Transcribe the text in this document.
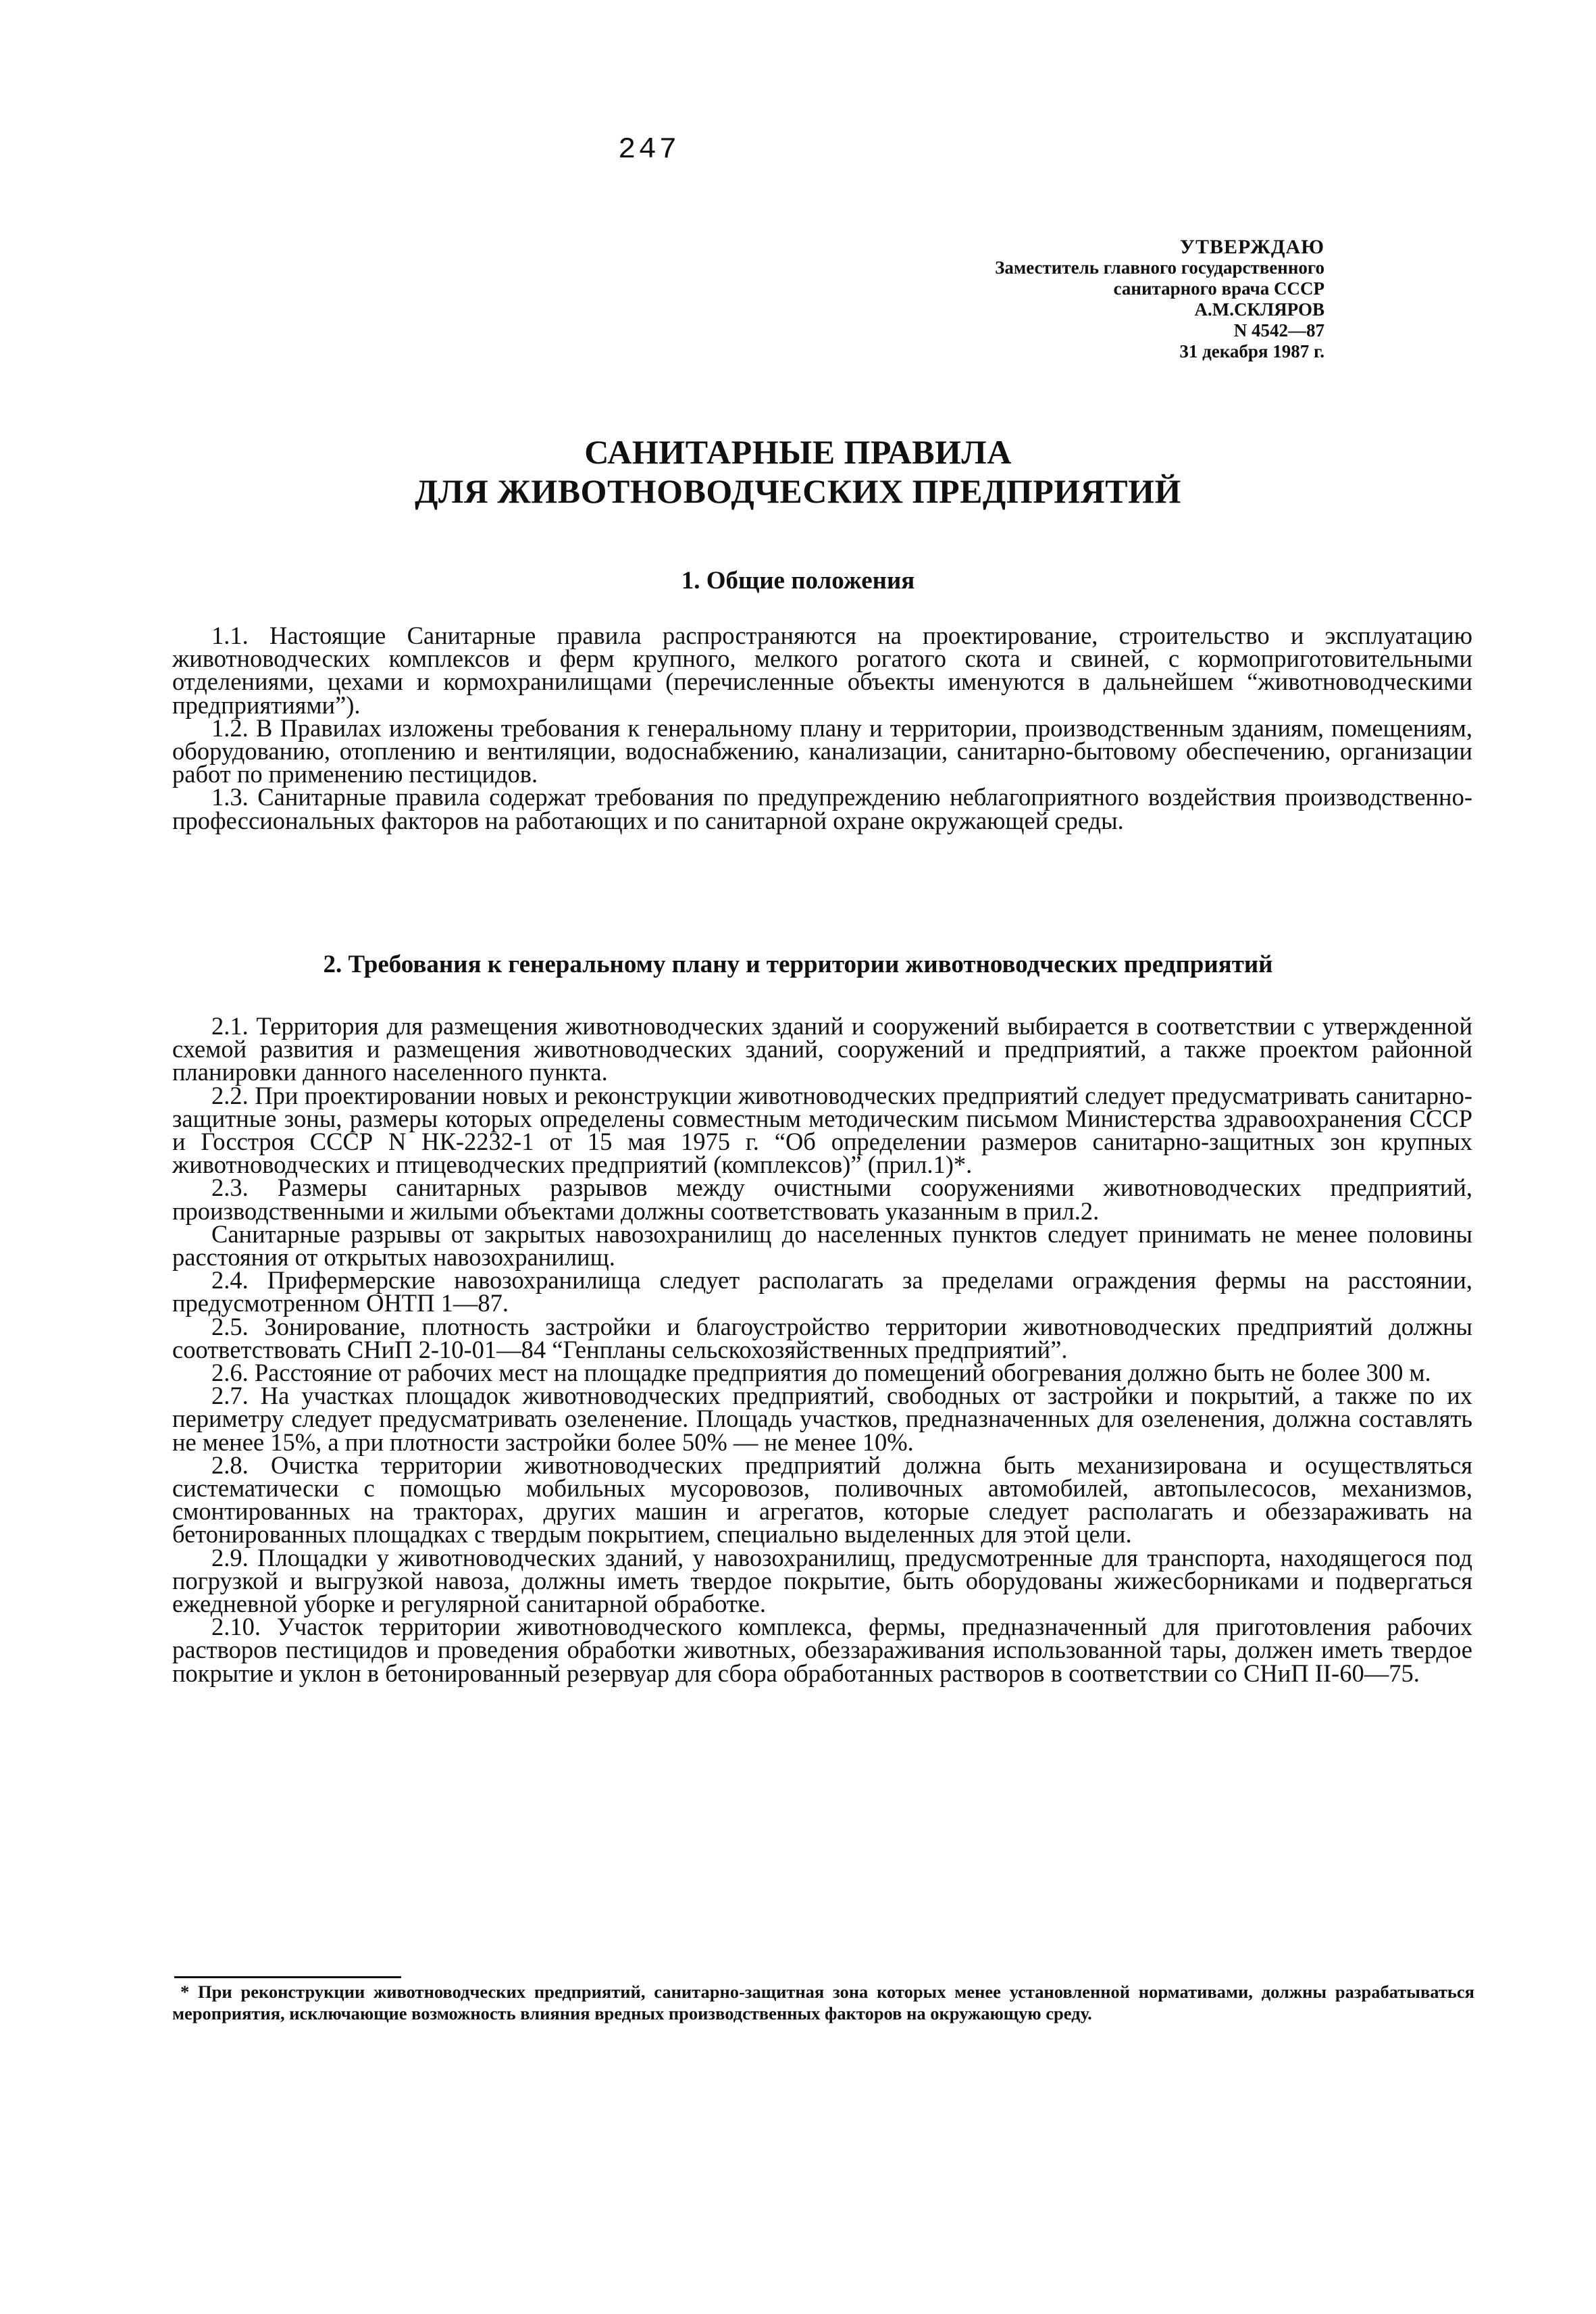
247
УТВЕРЖДАЮ
Заместитель главного государственного
санитарного врача СССР
А.М.СКЛЯРОВ
N 4542—87
31 декабря 1987 г.
САНИТАРНЫЕ ПРАВИЛА
ДЛЯ ЖИВОТНОВОДЧЕСКИХ ПРЕДПРИЯТИЙ
1. Общие положения

1.1. Настоящие Санитарные правила распространяются на проектирование, строительство и эксплуатацию животноводческих комплексов и ферм крупного, мелкого рогатого скота и свиней, с кормоприготовительными отделениями, цехами и кормохранилищами (перечисленные объекты именуются в дальнейшем “животноводческими предприятиями”).

1.2. В Правилах изложены требования к генеральному плану и территории, производственным зданиям, помещениям, оборудованию, отоплению и вентиляции, водоснабжению, канализации, санитарно-бытовому обеспечению, организации работ по применению пестицидов.

1.3. Санитарные правила содержат требования по предупреждению неблагоприятного воздействия производственно-профессиональных факторов на работающих и по санитарной охране окружающей среды.

2. Требования к генеральному плану и территории животноводческих предприятий

2.1. Территория для размещения животноводческих зданий и сооружений выбирается в соответствии с утвержденной схемой развития и размещения животноводческих зданий, сооружений и предприятий, а также проектом районной планировки данного населенного пункта.

2.2. При проектировании новых и реконструкции животноводческих предприятий следует предусматривать санитарно-защитные зоны, размеры которых определены совместным методическим письмом Министерства здравоохранения СССР и Госстроя СССР N НК-2232-1 от 15 мая 1975 г. “Об определении размеров санитарно-защитных зон крупных животноводческих и птицеводческих предприятий (комплексов)” (прил.1)*.

2.3. Размеры санитарных разрывов между очистными сооружениями животноводческих предприятий, производственными и жилыми объектами должны соответствовать указанным в прил.2.

Санитарные разрывы от закрытых навозохранилищ до населенных пунктов следует принимать не менее половины расстояния от открытых навозохранилищ.

2.4. Прифермерские навозохранилища следует располагать за пределами ограждения фермы на расстоянии, предусмотренном ОНТП 1—87.

2.5. Зонирование, плотность застройки и благоустройство территории животноводческих предприятий должны соответствовать СНиП 2-10-01—84 “Генпланы сельскохозяйственных предприятий”.

2.6. Расстояние от рабочих мест на площадке предприятия до помещений обогревания должно быть не более 300 м.

2.7. На участках площадок животноводческих предприятий, свободных от застройки и покрытий, а также по их периметру следует предусматривать озеленение. Площадь участков, предназначенных для озеленения, должна составлять не менее 15%, а при плотности застройки более 50% — не менее 10%.

2.8. Очистка территории животноводческих предприятий должна быть механизирована и осуществляться систематически с помощью мобильных мусоровозов, поливочных автомобилей, автопылесосов, механизмов, смонтированных на тракторах, других машин и агрегатов, которые следует располагать и обеззараживать на бетонированных площадках с твердым покрытием, специально выделенных для этой цели.

2.9. Площадки у животноводческих зданий, у навозохранилищ, предусмотренные для транспорта, находящегося под погрузкой и выгрузкой навоза, должны иметь твердое покрытие, быть оборудованы жижесборниками и подвергаться ежедневной уборке и регулярной санитарной обработке.

2.10. Участок территории животноводческого комплекса, фермы, предназначенный для приготовления рабочих растворов пестицидов и проведения обработки животных, обеззараживания использованной тары, должен иметь твердое покрытие и уклон в бетонированный резервуар для сбора обработанных растворов в соответствии со СНиП II-60—75.

* При реконструкции животноводческих предприятий, санитарно-защитная зона которых менее установленной нормативами, должны разрабатываться мероприятия, исключающие возможность влияния вредных производственных факторов на окружающую среду.
